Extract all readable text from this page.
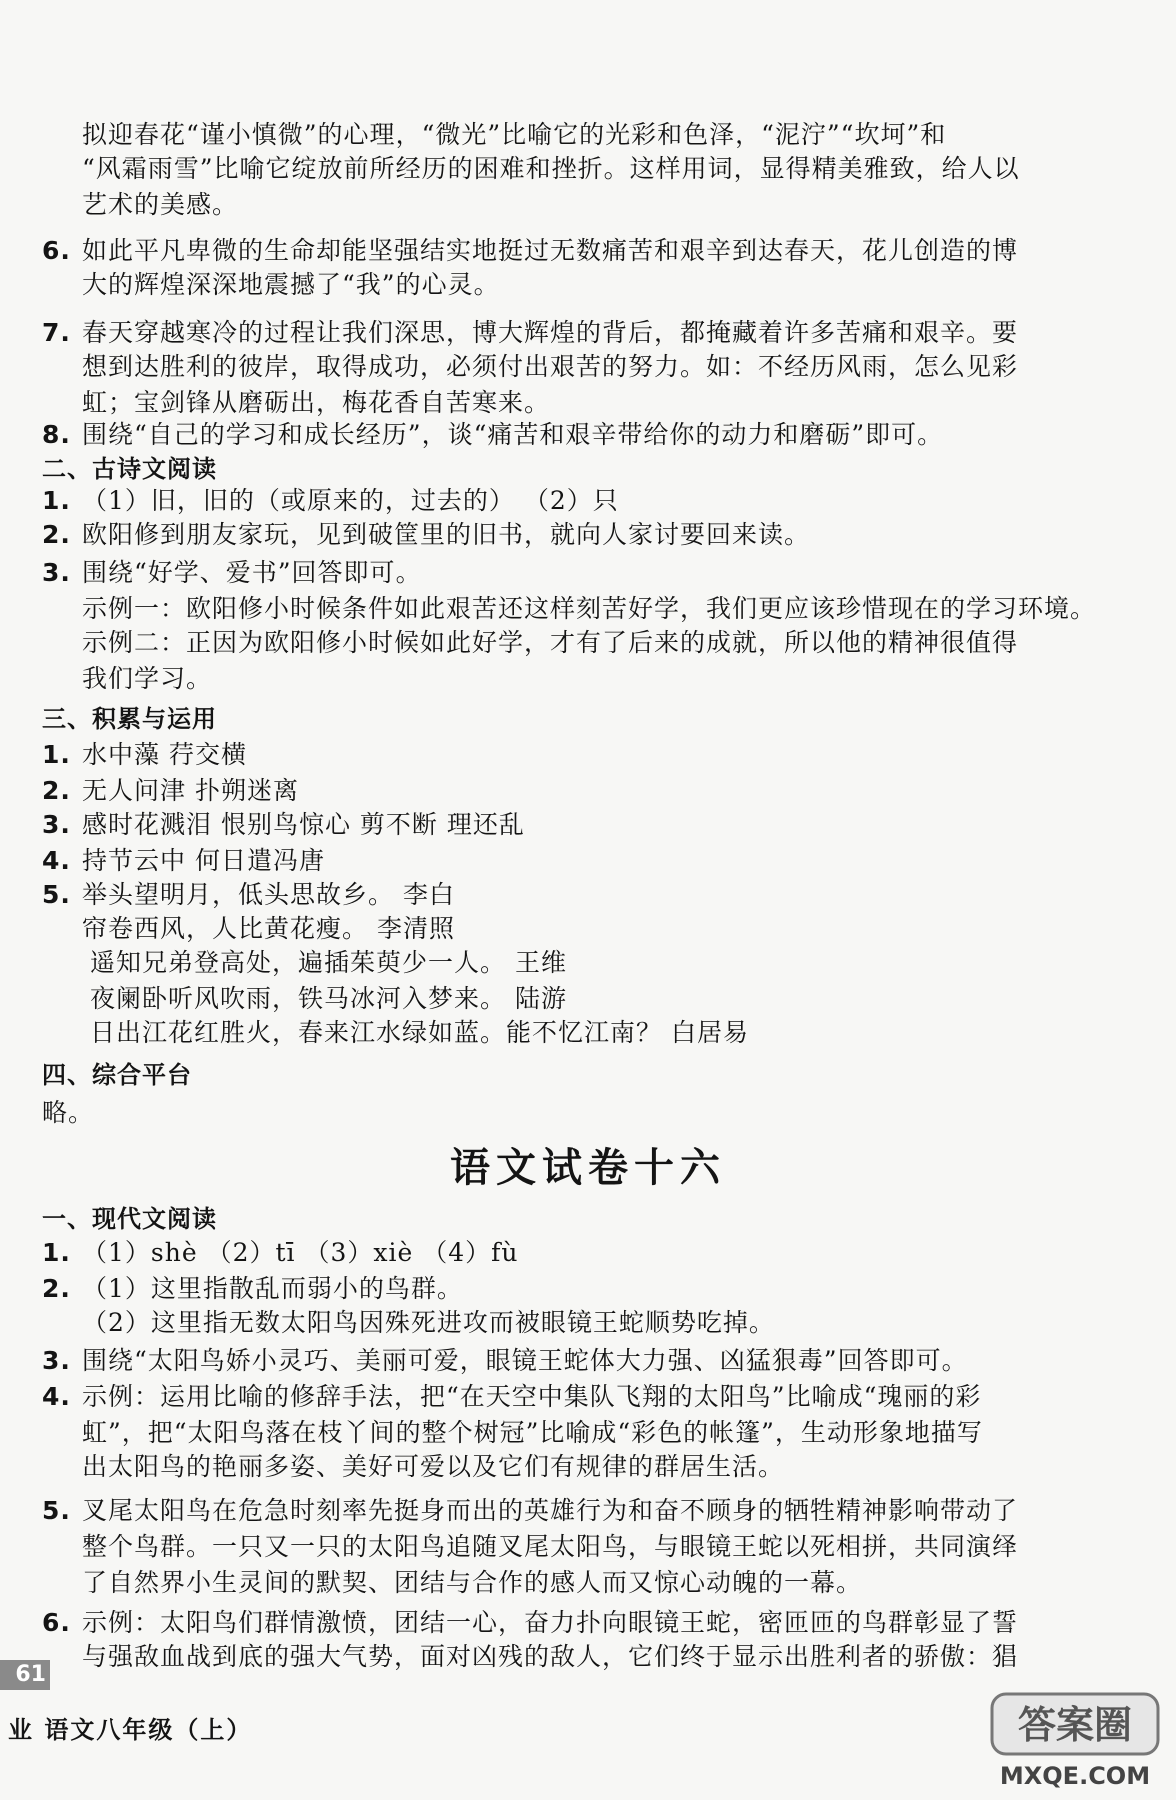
拟迎春花“谨小慎微”的心理，“微光”比喻它的光彩和色泽，“泥泞”“坎坷”和
“风霜雨雪”比喻它绽放前所经历的困难和挫折。这样用词，显得精美雅致，给人以
艺术的美感。
6. 如此平凡卑微的生命却能坚强结实地挺过无数痛苦和艰辛到达春天，花儿创造的博
大的辉煌深深地震撼了“我”的心灵。
7. 春天穿越寒冷的过程让我们深思，博大辉煌的背后，都掩藏着许多苦痛和艰辛。要
想到达胜利的彼岸，取得成功，必须付出艰苦的努力。如：不经历风雨，怎么见彩
虹；宝剑锋从磨砺出，梅花香自苦寒来。
8. 围绕“自己的学习和成长经历”，谈“痛苦和艰辛带给你的动力和磨砺”即可。
二、古诗文阅读
1. （1）旧，旧的（或原来的，过去的） （2）只
2. 欧阳修到朋友家玩，见到破筐里的旧书，就向人家讨要回来读。
3. 围绕“好学、爱书”回答即可。
示例一：欧阳修小时候条件如此艰苦还这样刻苦好学，我们更应该珍惜现在的学习环境。
示例二：正因为欧阳修小时候如此好学，才有了后来的成就，所以他的精神很值得
我们学习。
三、积累与运用
1. 水中藻 荇交横
2. 无人问津 扑朔迷离
3. 感时花溅泪 恨别鸟惊心 剪不断 理还乱
4. 持节云中 何日遣冯唐
5. 举头望明月，低头思故乡。 李白
帘卷西风，人比黄花瘦。 李清照
遥知兄弟登高处，遍插茱萸少一人。 王维
夜阑卧听风吹雨，铁马冰河入梦来。 陆游
日出江花红胜火，春来江水绿如蓝。能不忆江南？ 白居易
四、综合平台
略。
语文试卷十六
一、现代文阅读
1. （1）shè （2）tī （3）xiè （4）fù
2. （1）这里指散乱而弱小的鸟群。
（2）这里指无数太阳鸟因殊死进攻而被眼镜王蛇顺势吃掉。
3. 围绕“太阳鸟娇小灵巧、美丽可爱，眼镜王蛇体大力强、凶猛狠毒”回答即可。
4. 示例：运用比喻的修辞手法，把“在天空中集队飞翔的太阳鸟”比喻成“瑰丽的彩
虹”，把“太阳鸟落在枝丫间的整个树冠”比喻成“彩色的帐篷”，生动形象地描写
出太阳鸟的艳丽多姿、美好可爱以及它们有规律的群居生活。
5. 叉尾太阳鸟在危急时刻率先挺身而出的英雄行为和奋不顾身的牺牲精神影响带动了
整个鸟群。一只又一只的太阳鸟追随叉尾太阳鸟，与眼镜王蛇以死相拼，共同演绎
了自然界小生灵间的默契、团结与合作的感人而又惊心动魄的一幕。
6. 示例：太阳鸟们群情激愤，团结一心，奋力扑向眼镜王蛇，密匝匝的鸟群彰显了誓
与强敌血战到底的强大气势，面对凶残的敌人，它们终于显示出胜利者的骄傲：猖
61
业 语文八年级（上）	答案圈
MXQE.COM
